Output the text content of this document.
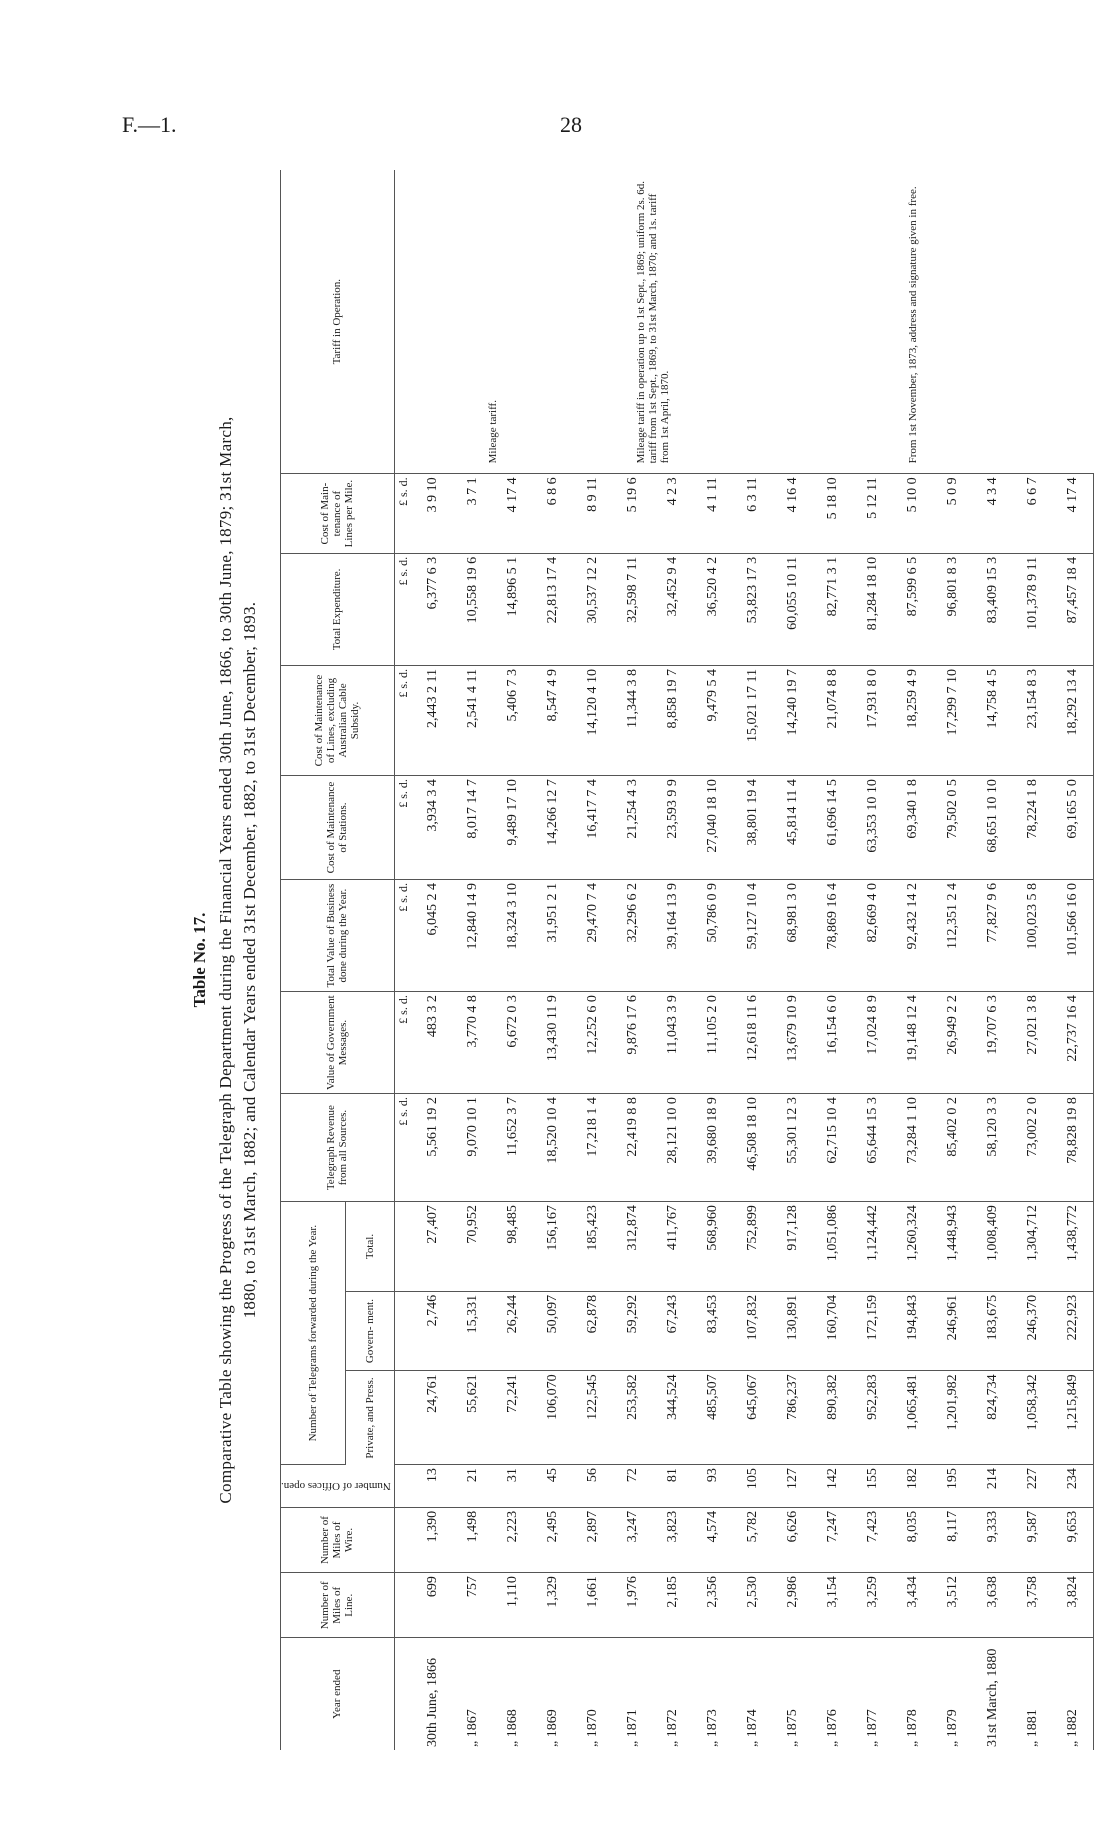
F.—1.	28
Table No. 17. Comparative Table showing the Progress of the Telegraph Department during the Financial Years ended 30th June, 1866, to 30th June, 1879; 31st March, 1880, to 31st March, 1882; and Calendar Years ended 31st December, 1882, to 31st December, 1893.
Year ended	Number of Miles of Line.	Number of Miles of Wire.	Number of Offices open.	Number of Telegrams forwarded during the Year.			Telegraph Revenue from all Sources.	Value of Government Messages.	Total Value of Business done during the Year.	Cost of Maintenance of Stations.	Cost of Maintenance of Lines, excluding Australian Cable Subsidy.	Total Expenditure.	Cost of Main- tenance of Lines per Mile.	Tariff in Operation.
				Private, and Press.	Govern- ment.	Total.								
							£ s. d.	£ s. d.	£ s. d.	£ s. d.	£ s. d.	£ s. d.	£ s. d.	
30th June, 1866	699	1,390	13	24,761	2,746	27,407	5,561 19 2	483 3 2	6,045 2 4	3,934 3 4	2,443 2 11	6,377 6 3	3 9 10	Mileage tariff.
„ 1867	757	1,498	21	55,621	15,331	70,952	9,070 10 1	3,770 4 8	12,840 14 9	8,017 14 7	2,541 4 11	10,558 19 6	3 7 1	
„ 1868	1,110	2,223	31	72,241	26,244	98,485	11,652 3 7	6,672 0 3	18,324 3 10	9,489 17 10	5,406 7 3	14,896 5 1	4 17 4	
„ 1869	1,329	2,495	45	106,070	50,097	156,167	18,520 10 4	13,430 11 9	31,951 2 1	14,266 12 7	8,547 4 9	22,813 17 4	6 8 6	
„ 1870	1,661	2,897	56	122,545	62,878	185,423	17,218 1 4	12,252 6 0	29,470 7 4	16,417 7 4	14,120 4 10	30,537 12 2	8 9 11	Mileage tariff in operation up to 1st Sept., 1869; uniform 2s. 6d. tariff from 1st Sept., 1869, to 31st March, 1870; and 1s. tariff from 1st April, 1870.
„ 1871	1,976	3,247	72	253,582	59,292	312,874	22,419 8 8	9,876 17 6	32,296 6 2	21,254 4 3	11,344 3 8	32,598 7 11	5 19 6	
„ 1872	2,185	3,823	81	344,524	67,243	411,767	28,121 10 0	11,043 3 9	39,164 13 9	23,593 9 9	8,858 19 7	32,452 9 4	4 2 3	
„ 1873	2,356	4,574	93	485,507	83,453	568,960	39,680 18 9	11,105 2 0	50,786 0 9	27,040 18 10	9,479 5 4	36,520 4 2	4 1 11	
„ 1874	2,530	5,782	105	645,067	107,832	752,899	46,508 18 10	12,618 11 6	59,127 10 4	38,801 19 4	15,021 17 11	53,823 17 3	6 3 11	From 1st November, 1873, address and signature given in free.
„ 1875	2,986	6,626	127	786,237	130,891	917,128	55,301 12 3	13,679 10 9	68,981 3 0	45,814 11 4	14,240 19 7	60,055 10 11	4 16 4	
„ 1876	3,154	7,247	142	890,382	160,704	1,051,086	62,715 10 4	16,154 6 0	78,869 16 4	61,696 14 5	21,074 8 8	82,771 3 1	5 18 10	
„ 1877	3,259	7,423	155	952,283	172,159	1,124,442	65,644 15 3	17,024 8 9	82,669 4 0	63,353 10 10	17,931 8 0	81,284 18 10	5 12 11	
„ 1878	3,434	8,035	182	1,065,481	194,843	1,260,324	73,284 1 10	19,148 12 4	92,432 14 2	69,340 1 8	18,259 4 9	87,599 6 5	5 10 0	
„ 1879	3,512	8,117	195	1,201,982	246,961	1,448,943	85,402 0 2	26,949 2 2	112,351 2 4	79,502 0 5	17,299 7 10	96,801 8 3	5 0 9	
31st March, 1880	3,638	9,333	214	824,734	183,675	1,008,409	58,120 3 3	19,707 6 3	77,827 9 6	68,651 10 10	14,758 4 5	83,409 15 3	4 3 4	
„ 1881	3,758	9,587	227	1,058,342	246,370	1,304,712	73,002 2 0	27,021 3 8	100,023 5 8	78,224 1 8	23,154 8 3	101,378 9 11	6 6 7	
„ 1882	3,824	9,653	234	1,215,849	222,923	1,438,772	78,828 19 8	22,737 16 4	101,566 16 0	69,165 5 0	18,292 13 4	87,457 18 4	4 17 4	
